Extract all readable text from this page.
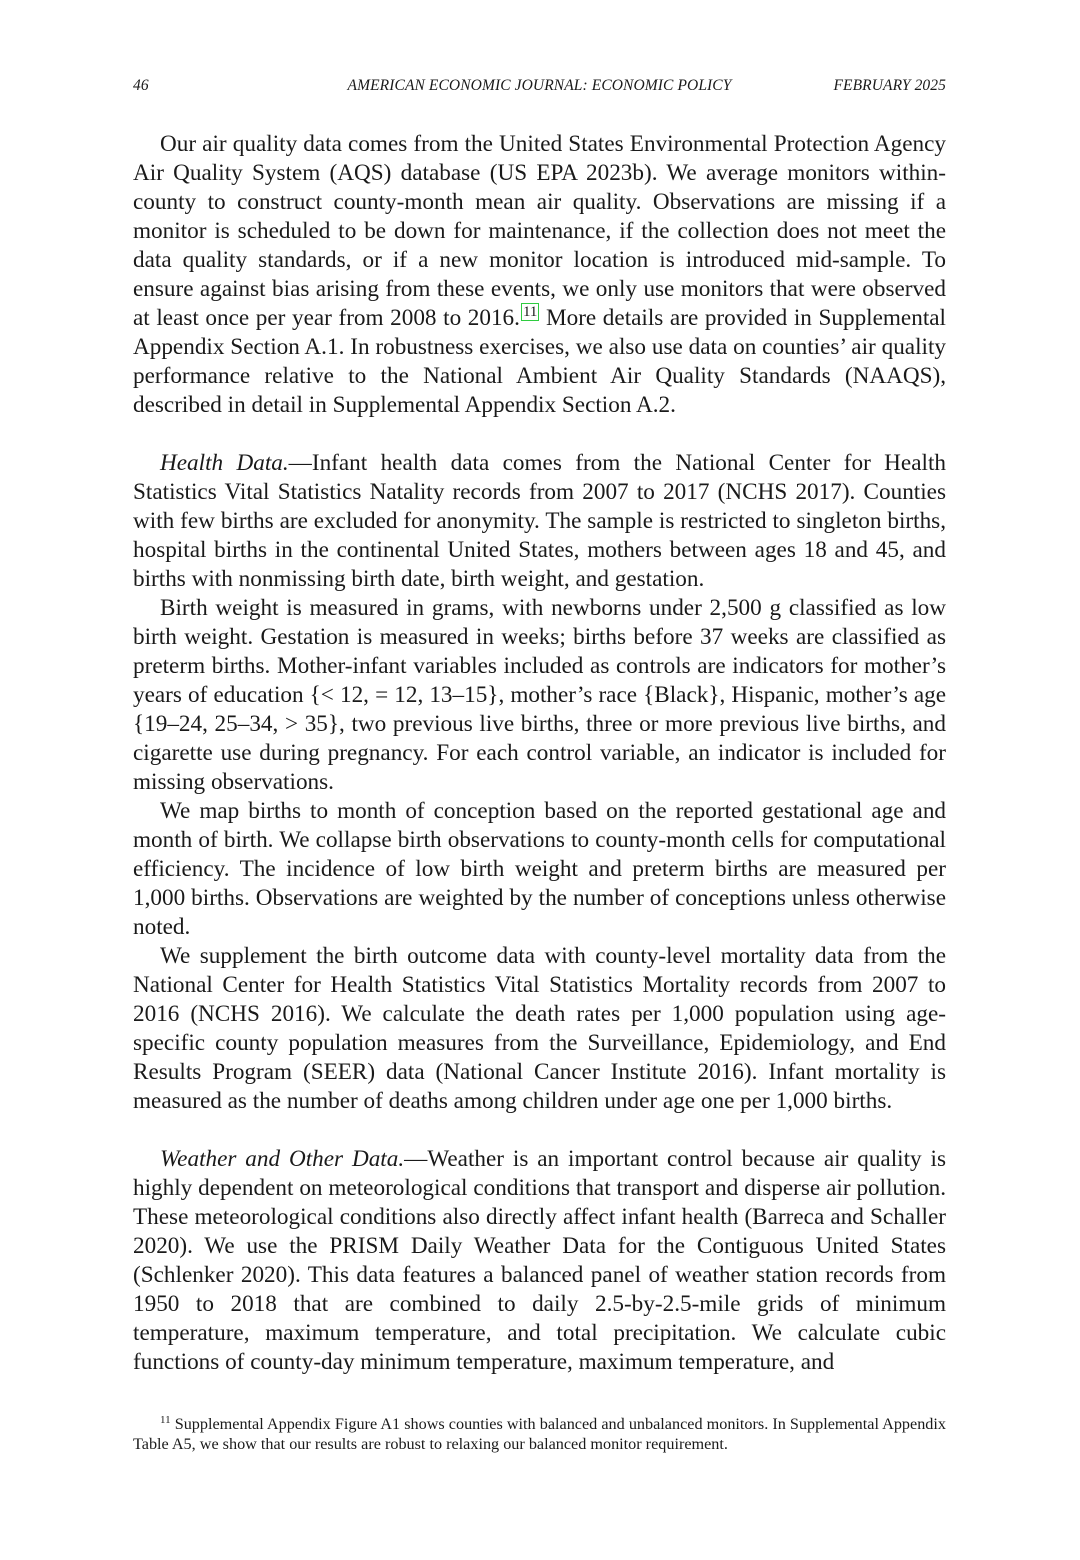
46	AMERICAN ECONOMIC JOURNAL: ECONOMIC POLICY	FEBRUARY 2025

Our air quality data comes from the United States Environmental Protection Agency Air Quality System (AQS) database (US EPA 2023b). We average monitors within-county to construct county-month mean air quality. Observations are missing if a monitor is scheduled to be down for maintenance, if the collection does not meet the data quality standards, or if a new monitor location is introduced mid-sample. To ensure against bias arising from these events, we only use monitors that were observed at least once per year from 2008 to 2016. $^{11}$ More details are provided in Supplemental Appendix Section A.1. In robustness exercises, we also use data on counties’ air quality performance relative to the National Ambient Air Quality Standards (NAAQS), described in detail in Supplemental Appendix Section A.2.

Health Data.—Infant health data comes from the National Center for Health Statistics Vital Statistics Natality records from 2007 to 2017 (NCHS 2017). Counties with few births are excluded for anonymity. The sample is restricted to singleton births, hospital births in the continental United States, mothers between ages 18 and 45, and births with nonmissing birth date, birth weight, and gestation.

Birth weight is measured in grams, with newborns under 2,500 g classified as low birth weight. Gestation is measured in weeks; births before 37 weeks are classified as preterm births. Mother-infant variables included as controls are indicators for mother’s years of education {< 12, = 12, 13–15}, mother’s race {Black}, Hispanic, mother’s age {19–24, 25–34, > 35}, two previous live births, three or more previous live births, and cigarette use during pregnancy. For each control variable, an indicator is included for missing observations.

We map births to month of conception based on the reported gestational age and month of birth. We collapse birth observations to county-month cells for computational efficiency. The incidence of low birth weight and preterm births are measured per 1,000 births. Observations are weighted by the number of conceptions unless otherwise noted.

We supplement the birth outcome data with county-level mortality data from the National Center for Health Statistics Vital Statistics Mortality records from 2007 to 2016 (NCHS 2016). We calculate the death rates per 1,000 population using age-specific county population measures from the Surveillance, Epidemiology, and End Results Program (SEER) data (National Cancer Institute 2016). Infant mortality is measured as the number of deaths among children under age one per 1,000 births.

Weather and Other Data.—Weather is an important control because air quality is highly dependent on meteorological conditions that transport and disperse air pollution. These meteorological conditions also directly affect infant health (Barreca and Schaller 2020). We use the PRISM Daily Weather Data for the Contiguous United States (Schlenker 2020). This data features a balanced panel of weather station records from 1950 to 2018 that are combined to daily 2.5-by-2.5-mile grids of minimum temperature, maximum temperature, and total precipitation. We calculate cubic functions of county-day minimum temperature, maximum temperature, and

$^{11}$ Supplemental Appendix Figure A1 shows counties with balanced and unbalanced monitors. In Supplemental Appendix Table A5, we show that our results are robust to relaxing our balanced monitor requirement.
